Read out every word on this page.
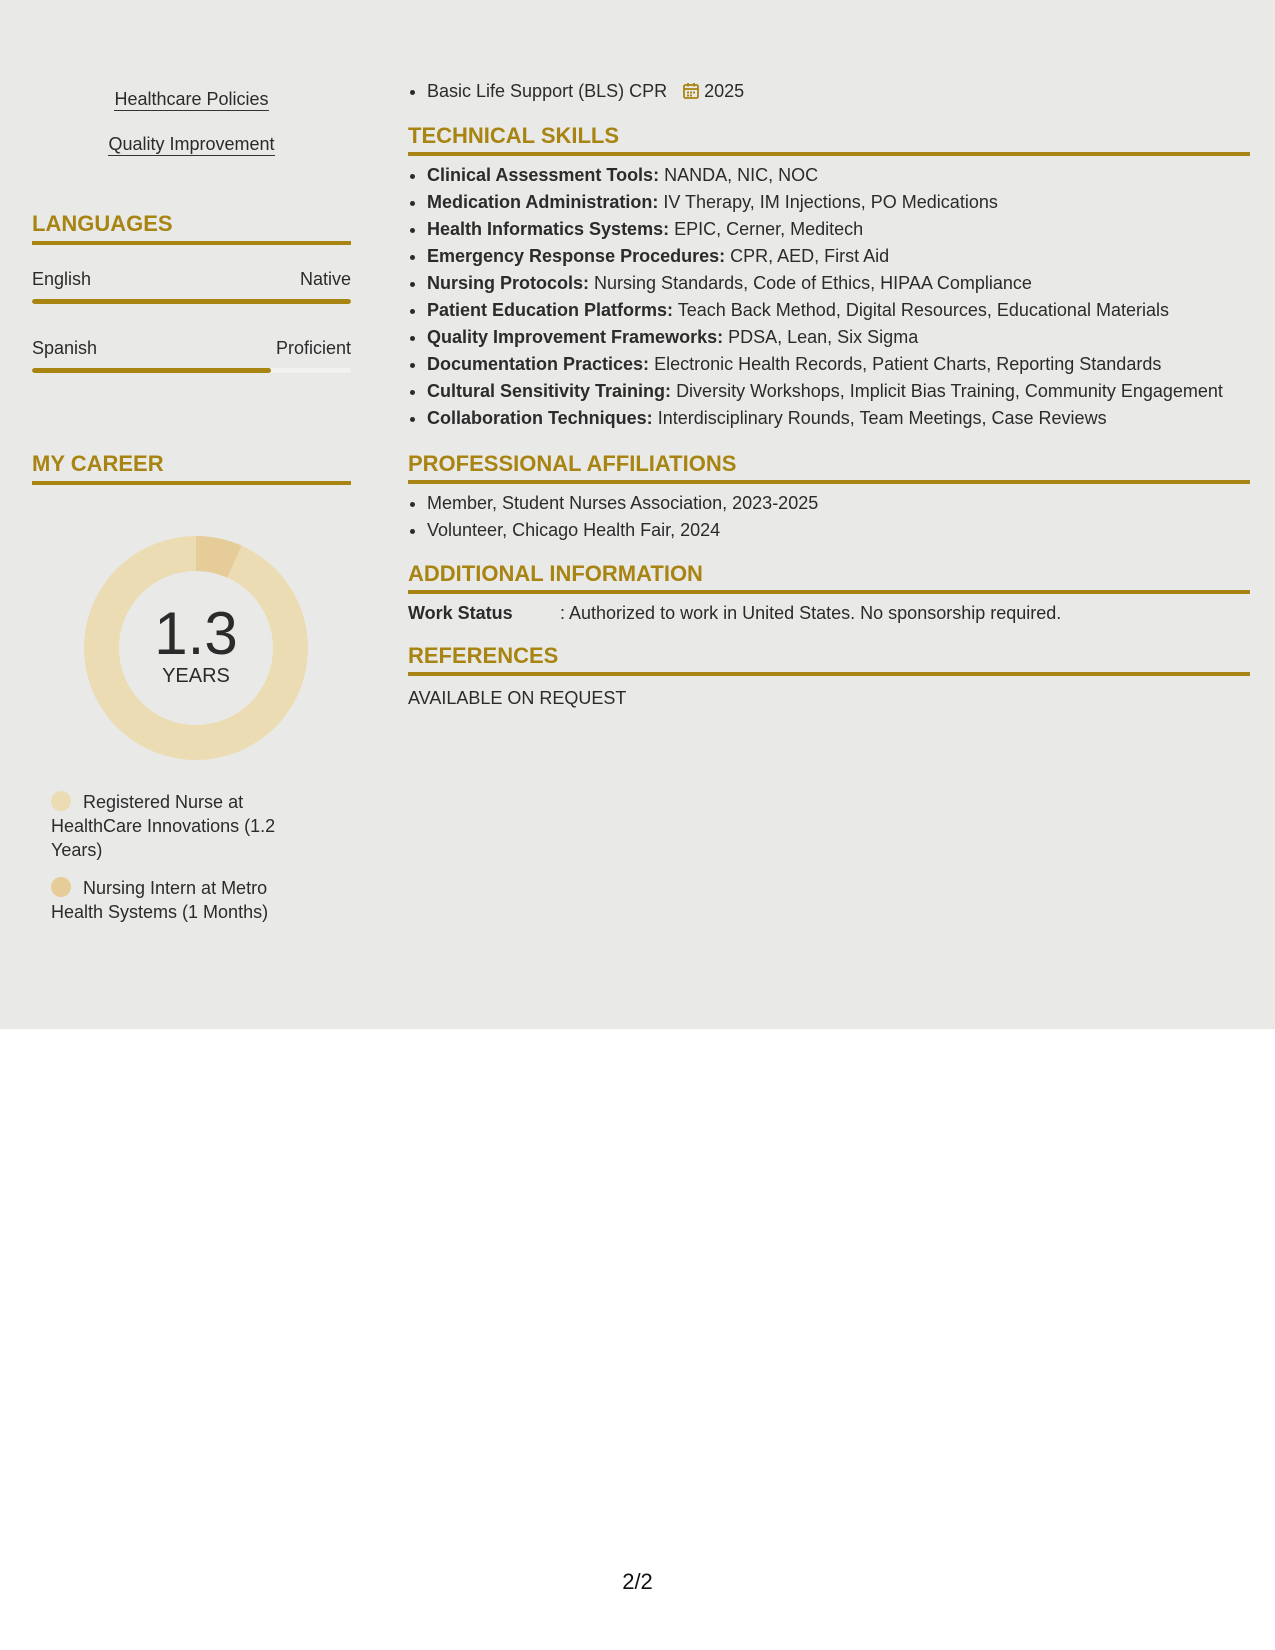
Healthcare Policies
Quality Improvement
LANGUAGES
English	Native
Spanish	Proficient
MY CAREER
1.3
YEARS
Registered Nurse at HealthCare Innovations (1.2 Years)
Nursing Intern at Metro Health Systems (1 Months)
• Basic Life Support (BLS) CPR 2025
TECHNICAL SKILLS
• Clinical Assessment Tools: NANDA, NIC, NOC
• Medication Administration: IV Therapy, IM Injections, PO Medications
• Health Informatics Systems: EPIC, Cerner, Meditech
• Emergency Response Procedures: CPR, AED, First Aid
• Nursing Protocols: Nursing Standards, Code of Ethics, HIPAA Compliance
• Patient Education Platforms: Teach Back Method, Digital Resources, Educational Materials
• Quality Improvement Frameworks: PDSA, Lean, Six Sigma
• Documentation Practices: Electronic Health Records, Patient Charts, Reporting Standards
• Cultural Sensitivity Training: Diversity Workshops, Implicit Bias Training, Community Engagement
• Collaboration Techniques: Interdisciplinary Rounds, Team Meetings, Case Reviews
PROFESSIONAL AFFILIATIONS
• Member, Student Nurses Association, 2023-2025
• Volunteer, Chicago Health Fair, 2024
ADDITIONAL INFORMATION
Work Status	: Authorized to work in United States. No sponsorship required.
REFERENCES
AVAILABLE ON REQUEST
2/2
